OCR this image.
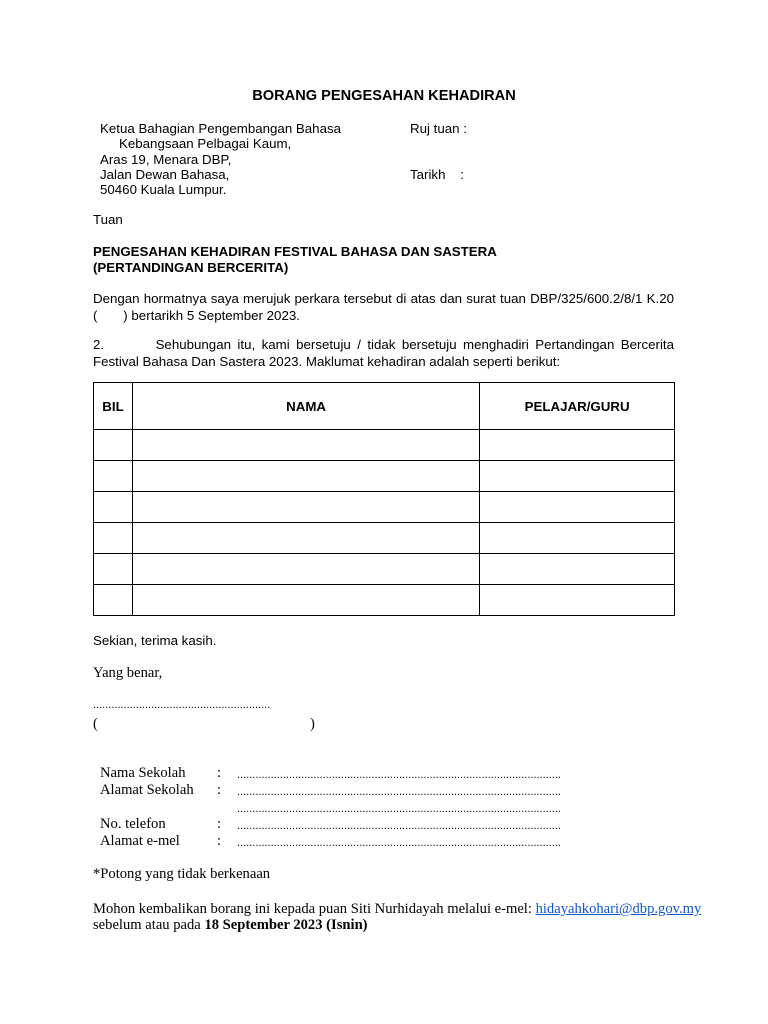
BORANG PENGESAHAN KEHADIRAN
Ketua Bahagian Pengembangan Bahasa
Kebangsaan Pelbagai Kaum,
Aras 19, Menara DBP,
Jalan Dewan Bahasa,
50460 Kuala Lumpur.
Ruj tuan :
Tarikh    :
Tuan
PENGESAHAN KEHADIRAN FESTIVAL BAHASA DAN SASTERA
(PERTANDINGAN BERCERITA)
Dengan hormatnya saya merujuk perkara tersebut di atas dan surat tuan DBP/325/600.2/8/1 K.20 (       ) bertarikh 5 September 2023.
2.        Sehubungan itu, kami bersetuju / tidak bersetuju menghadiri Pertandingan Bercerita Festival Bahasa Dan Sastera 2023. Maklumat kehadiran adalah seperti berikut:
BIL	NAMA	PELAJAR/GURU

Sekian, terima kasih.
Yang benar,
..........................................................
(	)
Nama Sekolah : ..........................................................................................................
Alamat Sekolah : ..........................................................................................................
..........................................................................................................
No. telefon	: ..........................................................................................................
Alamat e-mel	: ..........................................................................................................
*Potong yang tidak berkenaan
Mohon kembalikan borang ini kepada puan Siti Nurhidayah melalui e-mel: hidayahkohari@dbp.gov.my
sebelum atau pada 18 September 2023 (Isnin)
